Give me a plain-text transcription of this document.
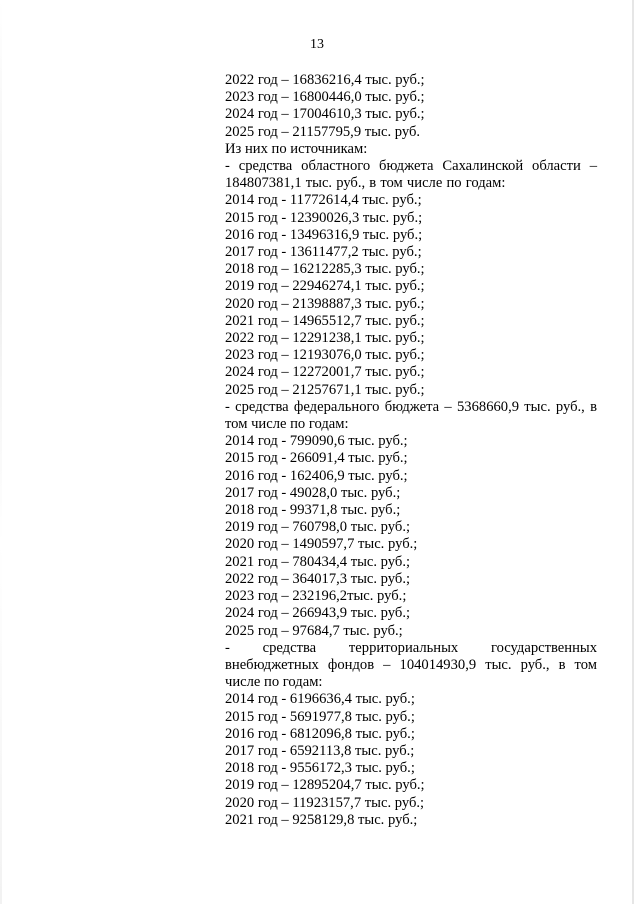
13
2022 год – 16836216,4 тыс. руб.;
2023 год – 16800446,0 тыс. руб.;
2024 год – 17004610,3 тыс. руб.;
2025 год – 21157795,9 тыс. руб.
Из них по источникам:
- средства областного бюджета Сахалинской области – 184807381,1 тыс. руб., в том числе по годам:
2014 год - 11772614,4 тыс. руб.;
2015 год - 12390026,3 тыс. руб.;
2016 год - 13496316,9 тыс. руб.;
2017 год - 13611477,2 тыс. руб.;
2018 год – 16212285,3 тыс. руб.;
2019 год – 22946274,1 тыс. руб.;
2020 год – 21398887,3 тыс. руб.;
2021 год – 14965512,7 тыс. руб.;
2022 год – 12291238,1 тыс. руб.;
2023 год – 12193076,0 тыс. руб.;
2024 год – 12272001,7 тыс. руб.;
2025 год – 21257671,1 тыс. руб.;
- средства федерального бюджета – 5368660,9 тыс. руб., в том числе по годам:
2014 год - 799090,6 тыс. руб.;
2015 год - 266091,4 тыс. руб.;
2016 год - 162406,9 тыс. руб.;
2017 год - 49028,0 тыс. руб.;
2018 год - 99371,8 тыс. руб.;
2019 год – 760798,0 тыс. руб.;
2020 год – 1490597,7 тыс. руб.;
2021 год – 780434,4 тыс. руб.;
2022 год – 364017,3 тыс. руб.;
2023 год – 232196,2тыс. руб.;
2024 год – 266943,9 тыс. руб.;
2025 год – 97684,7 тыс. руб.;
- средства территориальных государственных внебюджетных фондов – 104014930,9 тыс. руб., в том числе по годам:
2014 год - 6196636,4 тыс. руб.;
2015 год - 5691977,8 тыс. руб.;
2016 год - 6812096,8 тыс. руб.;
2017 год - 6592113,8 тыс. руб.;
2018 год - 9556172,3 тыс. руб.;
2019 год – 12895204,7 тыс. руб.;
2020 год – 11923157,7 тыс. руб.;
2021 год – 9258129,8 тыс. руб.;
